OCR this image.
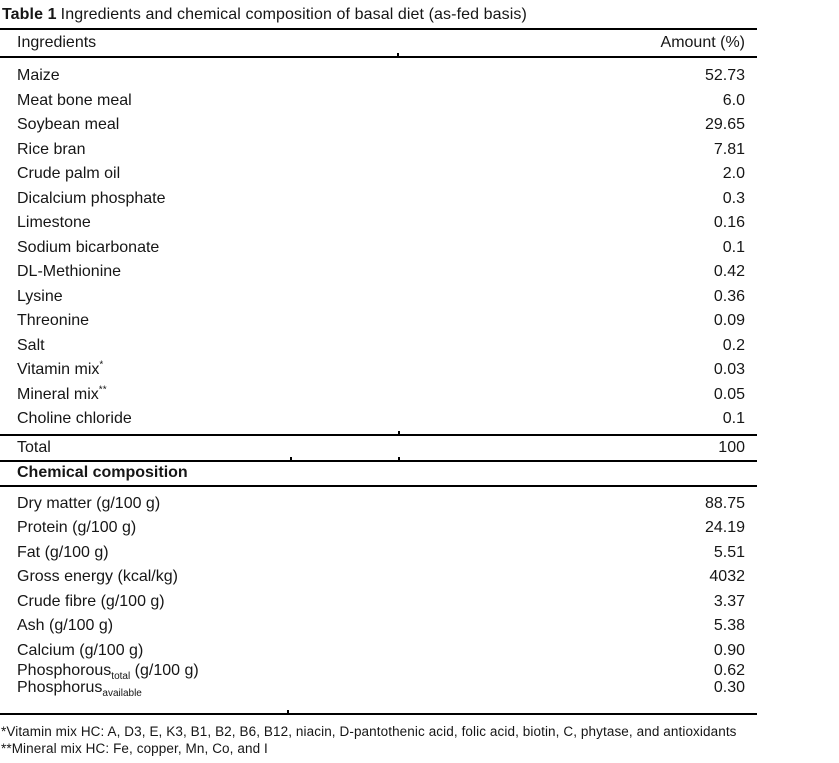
Table 1 Ingredients and chemical composition of basal diet (as-fed basis)
Ingredients	Amount (%)
Maize	52.73
Meat bone meal	6.0
Soybean meal	29.65
Rice bran	7.81
Crude palm oil	2.0
Dicalcium phosphate	0.3
Limestone	0.16
Sodium bicarbonate	0.1
DL-Methionine	0.42
Lysine	0.36
Threonine	0.09
Salt	0.2
Vitamin mix*	0.03
Mineral mix**	0.05
Choline chloride	0.1
Total	100
Chemical composition
Dry matter (g/100 g)	88.75
Protein (g/100 g)	24.19
Fat (g/100 g)	5.51
Gross energy (kcal/kg)	4032
Crude fibre (g/100 g)	3.37
Ash (g/100 g)	5.38
Calcium (g/100 g)	0.90
Phosphorous$_{total}$ (g/100 g)	0.62
Phosphorus$_{available}$	0.30
*Vitamin mix HC: A, D3, E, K3, B1, B2, B6, B12, niacin, D-pantothenic acid, folic acid, biotin, C, phytase, and antioxidants
**Mineral mix HC: Fe, copper, Mn, Co, and I
